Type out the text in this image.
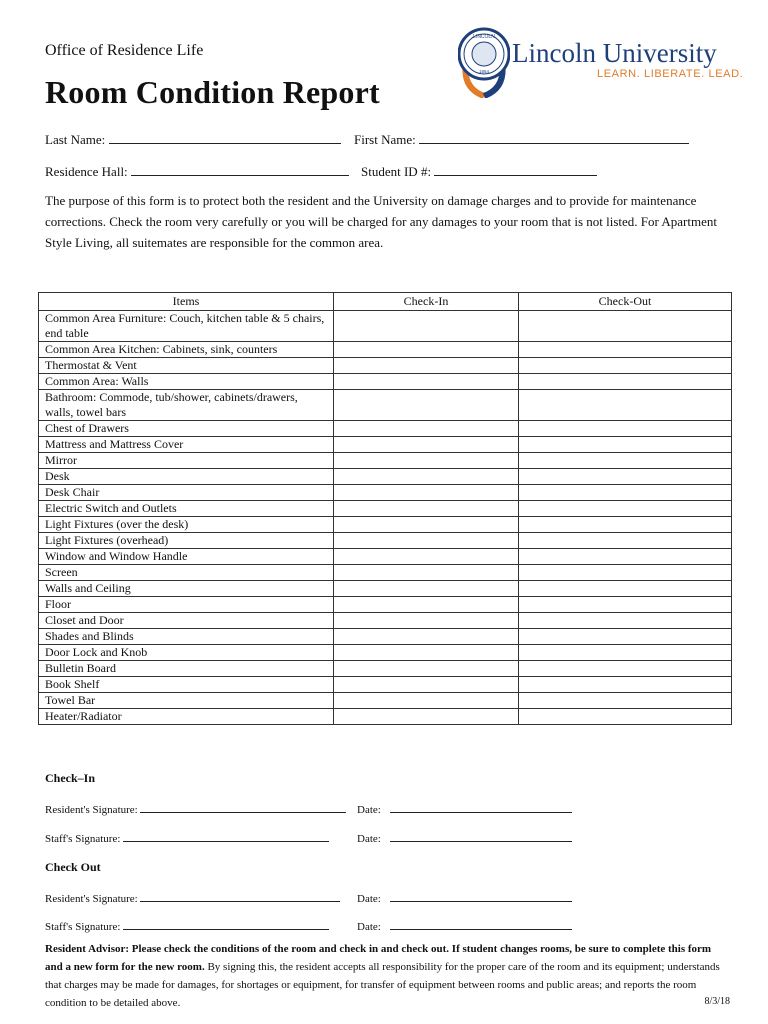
Office of Residence Life
Room Condition Report
LINCOLN
1854
Lincoln University
LEARN. LIBERATE. LEAD.
Last Name:	First Name:
Residence Hall:	Student ID #:
The purpose of this form is to protect both the resident and the University on damage charges and to provide for maintenance corrections. Check the room very carefully or you will be charged for any damages to your room that is not listed. For Apartment Style Living, all suitemates are responsible for the common area.
Items	Check-In	Check-Out
Common Area Furniture: Couch, kitchen table & 5 chairs, end table		
Common Area Kitchen: Cabinets, sink, counters		
Thermostat & Vent		
Common Area: Walls		
Bathroom: Commode, tub/shower, cabinets/drawers, walls, towel bars		
Chest of Drawers		
Mattress and Mattress Cover		
Mirror		
Desk		
Desk Chair		
Electric Switch and Outlets		
Light Fixtures (over the desk)		
Light Fixtures (overhead)		
Window and Window Handle		
Screen		
Walls and Ceiling		
Floor		
Closet and Door		
Shades and Blinds		
Door Lock and Knob		
Bulletin Board		
Book Shelf		
Towel Bar		
Heater/Radiator		
Check–In
Resident's Signature:	Date:
Staff's Signature:	Date:
Check Out
Resident's Signature:	Date:
Staff's Signature:	Date:
Resident Advisor: Please check the conditions of the room and check in and check out. If student changes rooms, be sure to complete this form and a new form for the new room. By signing this, the resident accepts all responsibility for the proper care of the room and its equipment; understands that charges may be made for damages, for shortages or equipment, for transfer of equipment between rooms and public areas; and reports the room condition to be detailed above.	8/3/18
